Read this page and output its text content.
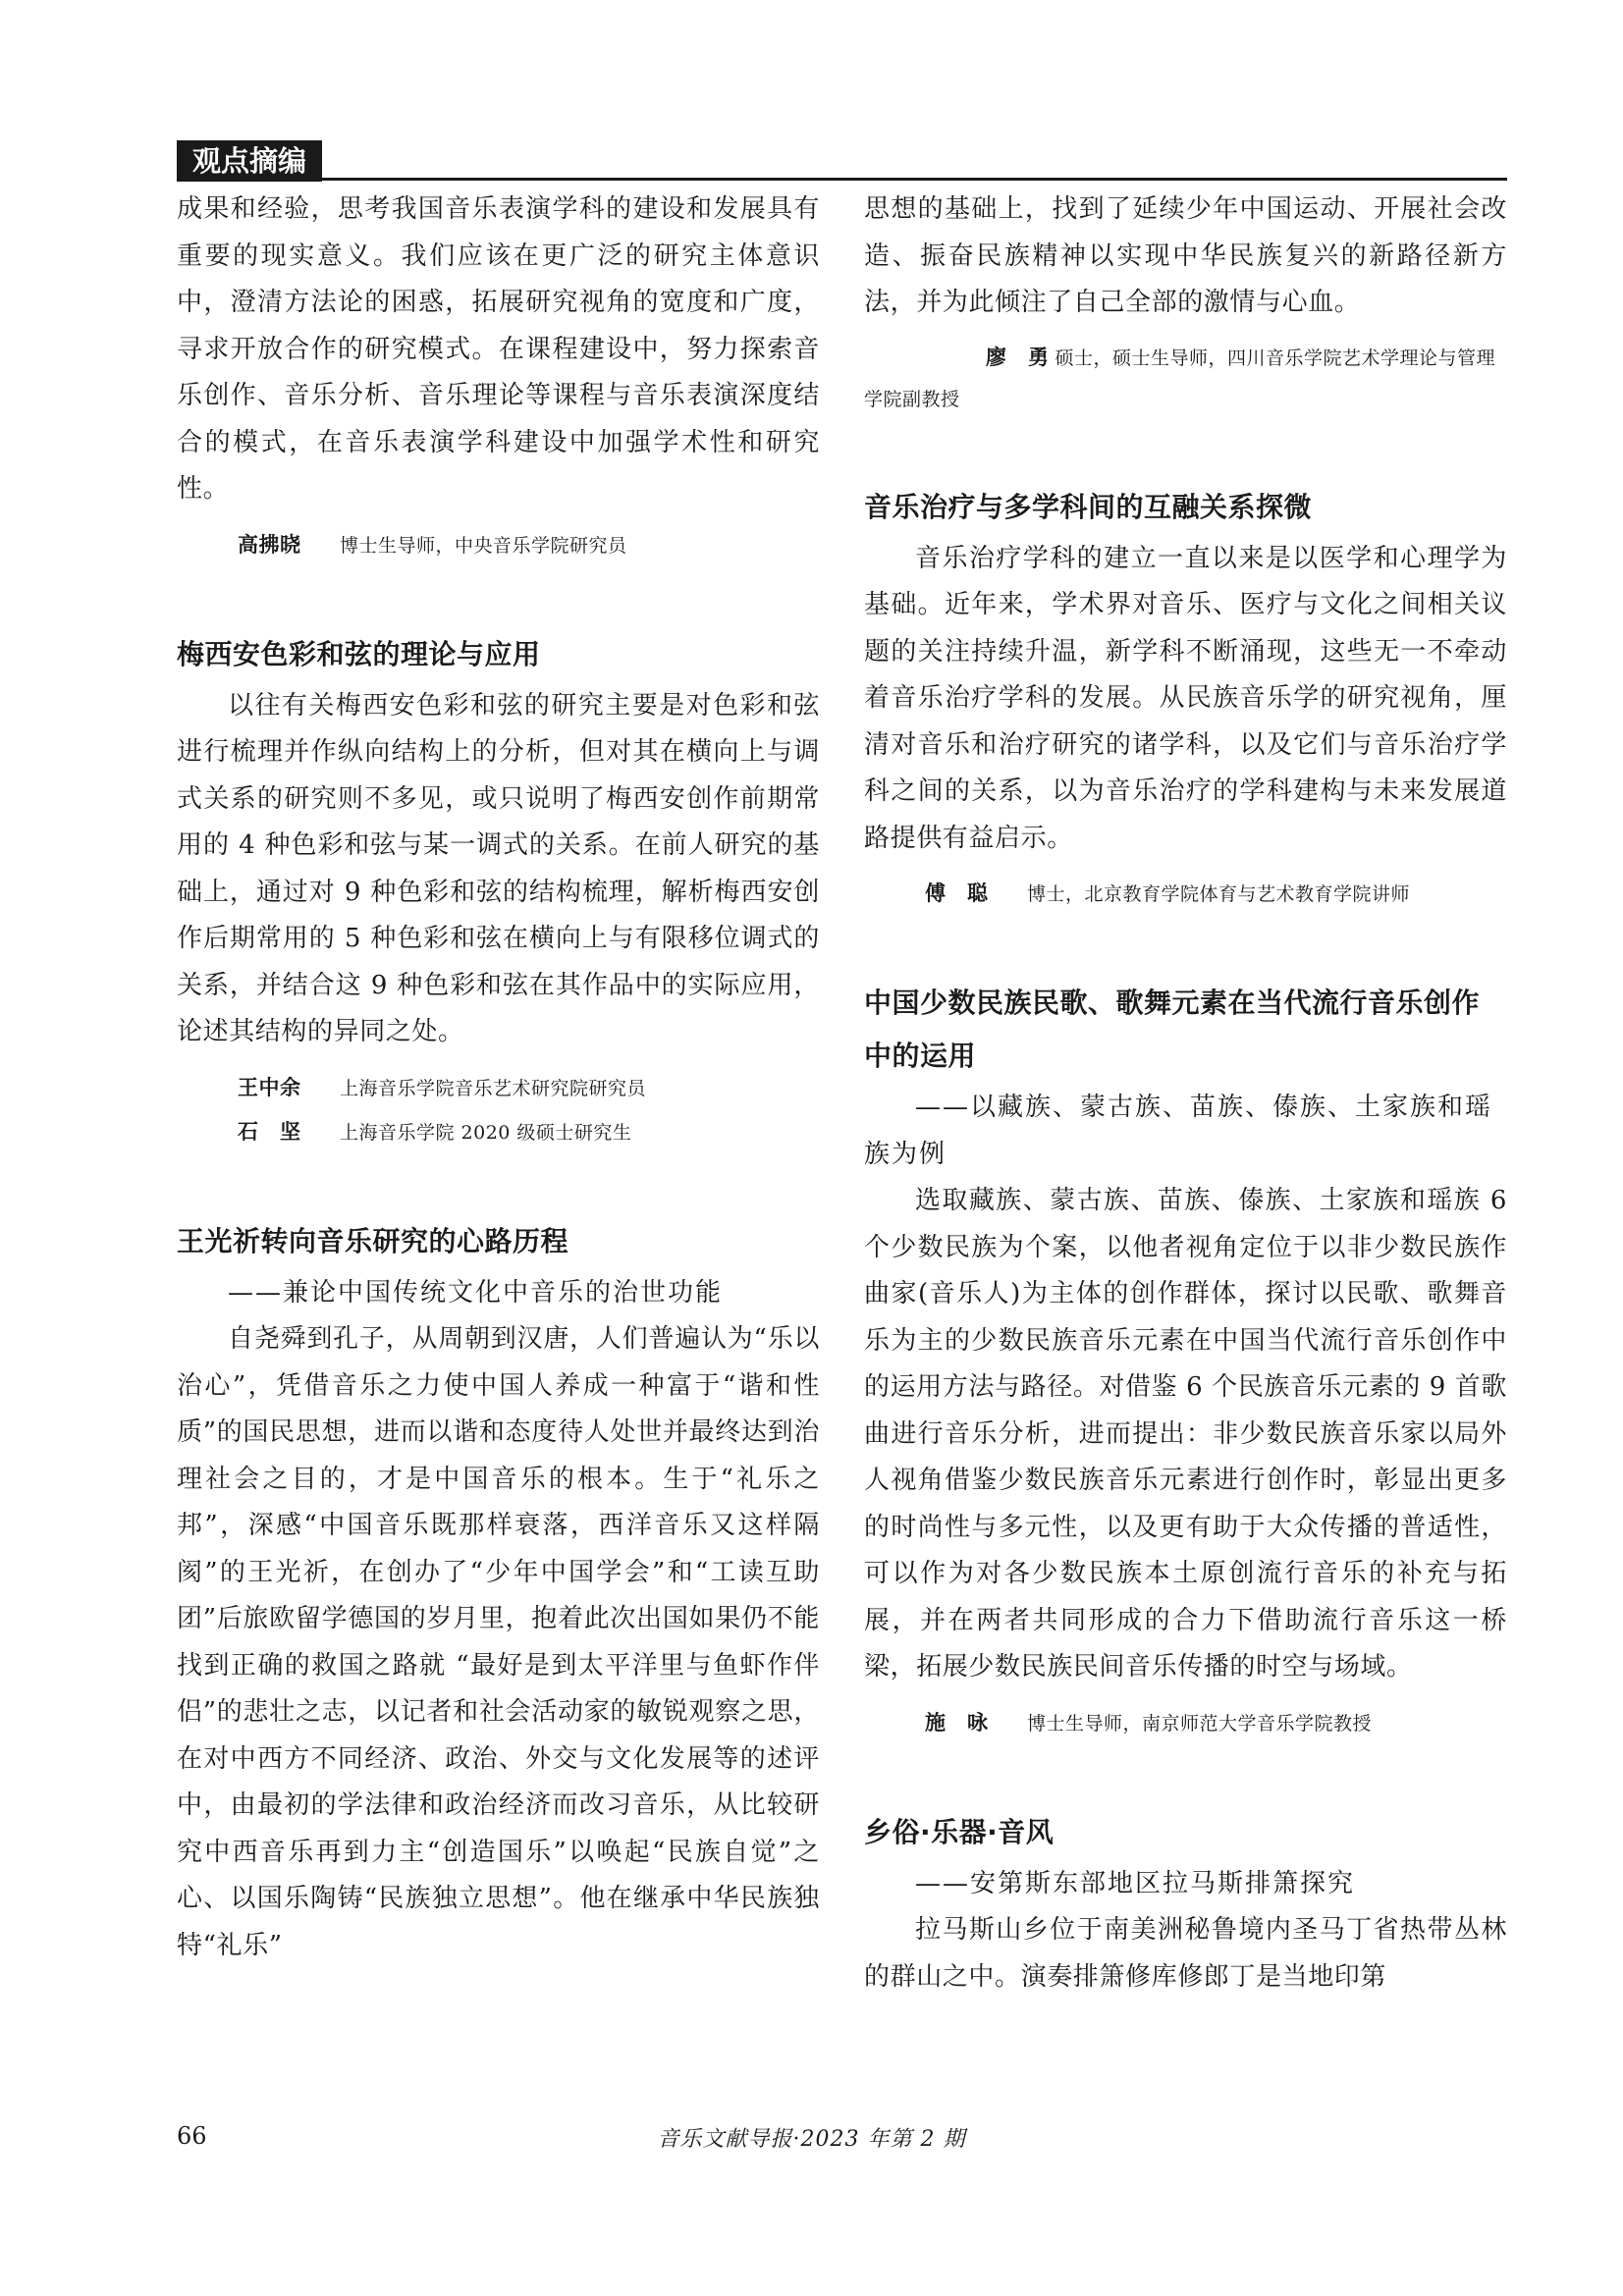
观点摘编

成果和经验，思考我国音乐表演学科的建设和发展具有重要的现实意义。我们应该在更广泛的研究主体意识中，澄清方法论的困惑，拓展研究视角的宽度和广度，寻求开放合作的研究模式。在课程建设中，努力探索音乐创作、音乐分析、音乐理论等课程与音乐表演深度结合的模式，在音乐表演学科建设中加强学术性和研究性。

高拂晓 博士生导师，中央音乐学院研究员
梅西安色彩和弦的理论与应用

以往有关梅西安色彩和弦的研究主要是对色彩和弦进行梳理并作纵向结构上的分析，但对其在横向上与调式关系的研究则不多见，或只说明了梅西安创作前期常用的 4 种色彩和弦与某一调式的关系。在前人研究的基础上，通过对 9 种色彩和弦的结构梳理，解析梅西安创作后期常用的 5 种色彩和弦在横向上与有限移位调式的关系，并结合这 9 种色彩和弦在其作品中的实际应用，论述其结构的异同之处。

王中余 上海音乐学院音乐艺术研究院研究员
石　坚 上海音乐学院 2020 级硕士研究生
王光祈转向音乐研究的心路历程

——兼论中国传统文化中音乐的治世功能

自尧舜到孔子，从周朝到汉唐，人们普遍认为“乐以治心”，凭借音乐之力使中国人养成一种富于“谐和性质”的国民思想，进而以谐和态度待人处世并最终达到治理社会之目的，才是中国音乐的根本。生于“礼乐之邦”，深感“中国音乐既那样衰落，西洋音乐又这样隔阂”的王光祈，在创办了“少年中国学会”和“工读互助团”后旅欧留学德国的岁月里，抱着此次出国如果仍不能找到正确的救国之路就 “最好是到太平洋里与鱼虾作伴侣”的悲壮之志，以记者和社会活动家的敏锐观察之思，在对中西方不同经济、政治、外交与文化发展等的述评中，由最初的学法律和政治经济而改习音乐，从比较研究中西音乐再到力主“创造国乐”以唤起“民族自觉”之心、以国乐陶铸“民族独立思想”。他在继承中华民族独特“礼乐”

思想的基础上，找到了延续少年中国运动、开展社会改造、振奋民族精神以实现中华民族复兴的新路径新方法，并为此倾注了自己全部的激情与心血。

廖　勇 硕士，硕士生导师，四川音乐学院艺术学理论与管理学院副教授
音乐治疗与多学科间的互融关系探微

音乐治疗学科的建立一直以来是以医学和心理学为基础。近年来，学术界对音乐、医疗与文化之间相关议题的关注持续升温，新学科不断涌现，这些无一不牵动着音乐治疗学科的发展。从民族音乐学的研究视角，厘清对音乐和治疗研究的诸学科，以及它们与音乐治疗学科之间的关系，以为音乐治疗的学科建构与未来发展道路提供有益启示。

傅　聪 博士，北京教育学院体育与艺术教育学院讲师
中国少数民族民歌、歌舞元素在当代流行音乐创作中的运用

——以藏族、蒙古族、苗族、傣族、土家族和瑶族为例

选取藏族、蒙古族、苗族、傣族、土家族和瑶族 6 个少数民族为个案，以他者视角定位于以非少数民族作曲家(音乐人)为主体的创作群体，探讨以民歌、歌舞音乐为主的少数民族音乐元素在中国当代流行音乐创作中的运用方法与路径。对借鉴 6 个民族音乐元素的 9 首歌曲进行音乐分析，进而提出：非少数民族音乐家以局外人视角借鉴少数民族音乐元素进行创作时，彰显出更多的时尚性与多元性，以及更有助于大众传播的普适性，可以作为对各少数民族本土原创流行音乐的补充与拓展，并在两者共同形成的合力下借助流行音乐这一桥梁，拓展少数民族民间音乐传播的时空与场域。

施　咏 博士生导师，南京师范大学音乐学院教授
乡俗·乐器·音风

——安第斯东部地区拉马斯排箫探究

拉马斯山乡位于南美洲秘鲁境内圣马丁省热带丛林的群山之中。演奏排箫修库修郎丁是当地印第

66	音乐文献导报·2023 年第 2 期
